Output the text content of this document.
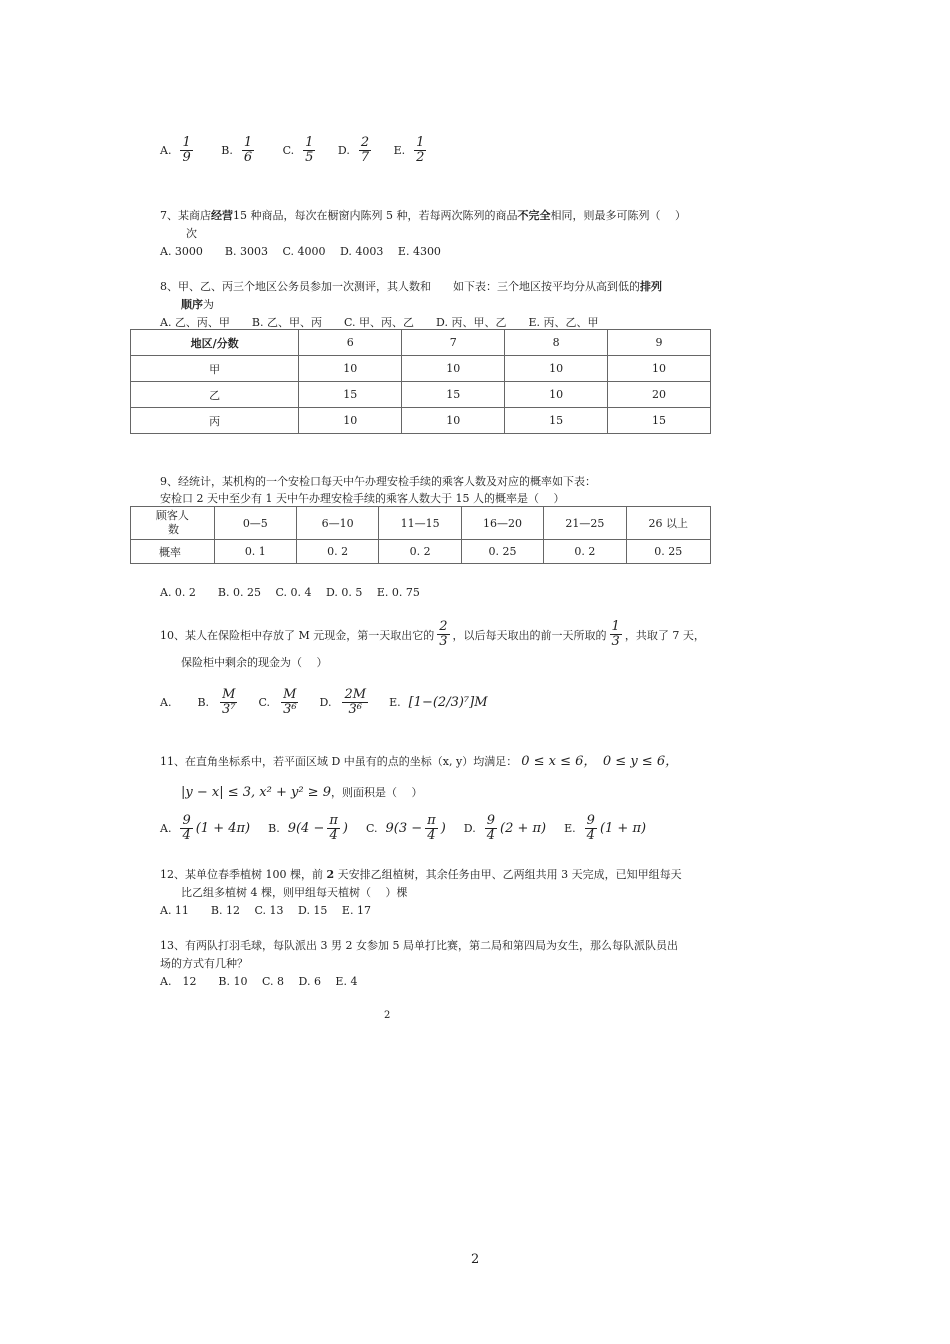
A. $\frac{1}{9}$
	B. $\frac{1}{6}$
	C. $\frac{1}{5}$
D. $\frac{2}{7}$
E. $\frac{1}{2}$
7、某商店经营15 种商品，每次在橱窗内陈列 5 种，若每两次陈列的商品不完全相同，则最多可陈列（　 ）
次
A. 3000　　B. 3003　 C. 4000　 D. 4003　 E. 4300
8、甲、乙、丙三个地区公务员参加一次测评，其人数和　　如下表：三个地区按平均分从高到低的排列
顺序为
A. 乙、丙、甲　　B. 乙、甲、丙　　C. 甲、丙、乙　　D. 丙、甲、乙　　E. 丙、乙、甲
地区/分数	6	7	8	9
甲	10	10	10	10
乙	15	15	10	20
丙	10	10	15	15
9、经统计，某机构的一个安检口每天中午办理安检手续的乘客人数及对应的概率如下表：
安检口 2 天中至少有 1 天中午办理安检手续的乘客人数大于 15 人的概率是（　 ）
顾客人
数	0—5	6—10	11—15	16—20	21—25	26 以上
概率	0. 1	0. 2	0. 2	0. 25	0. 2	0. 25
A. 0. 2　　B. 0. 25　 C. 0. 4　 D. 0. 5　 E. 0. 75
10、某人在保险柜中存放了 M 元现金，第一天取出它的 $\frac{2}{3}$ ，以后每天取出的前一天所取的 $\frac{1}{3}$ ，共取了 7 天，
保险柜中剩余的现金为（　 ）
A. B. $\frac{M}{\text{3⁷}} C$. $\frac{M}{\text{3⁶}} D$. $\frac{2M}{\text{3⁶}} E$. [1−(2/3)⁷]M
11、在直角坐标系中，若平面区域 D 中虽有的点的坐标（x, y）均满足： 0 ≤ x ≤ 6，　0 ≤ y ≤ 6，
|y − x| ≤ 3, x² + y² ≥ 9，则面积是（　 ）
A. $\frac{9}{4} (1 + 4\pi)$ B. $9(4 - \frac{\pi}{4}$ ) C. $9(3 - \frac{\pi}{4}$ ) D. $\frac{9}{4} (2 + \pi)$ E. $\frac{9}{4} (1 + \pi)$
12、某单位春季植树 100 棵，前 2 天安排乙组植树，其余任务由甲、乙两组共用 3 天完成，已知甲组每天
比乙组多植树 4 棵，则甲组每天植树（　 ）棵
A. 11　　B. 12　 C. 13　 D. 15　 E. 17
13、有两队打羽毛球，每队派出 3 男 2 女参加 5 局单打比赛，第二局和第四局为女生，那么每队派队员出
场的方式有几种？
A.　12　　B. 10　 C. 8　 D. 6　 E. 4
2
2
